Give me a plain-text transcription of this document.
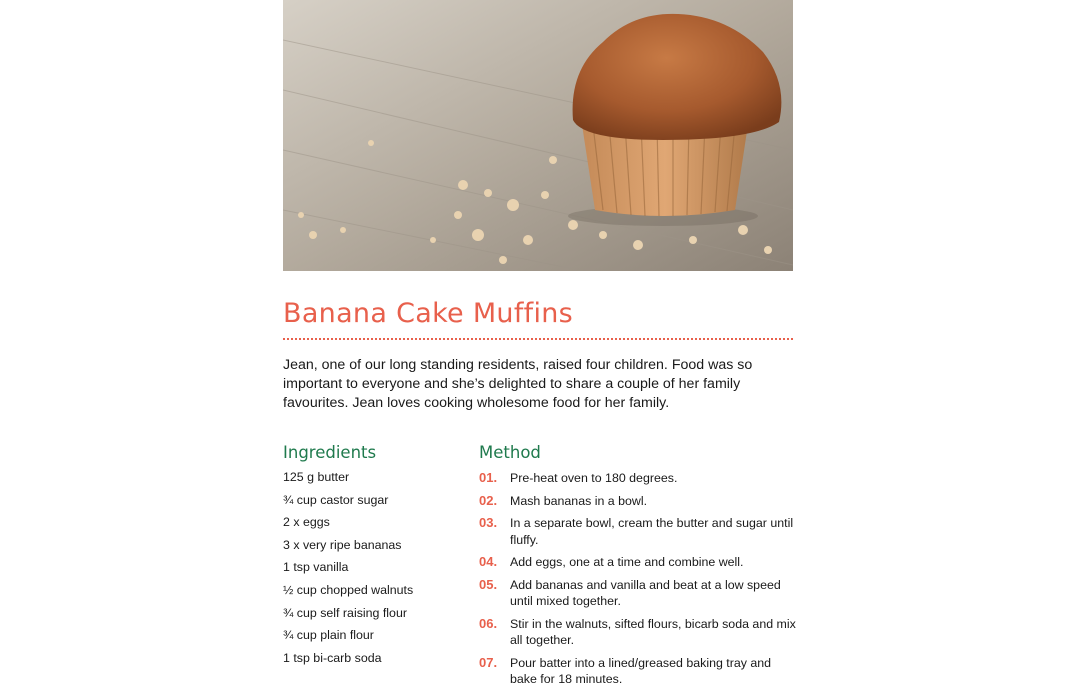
Banana Cake Muffins
Jean, one of our long standing residents, raised four children. Food was so important to everyone and she’s delighted to share a couple of her family favourites. Jean loves cooking wholesome food for her family.
Ingredients
125 g butter
¾ cup castor sugar
2 x eggs
3 x very ripe bananas
1 tsp vanilla
½ cup chopped walnuts
¾ cup self raising flour
¾ cup plain flour
1 tsp bi-carb soda
Method
01.	Pre-heat oven to 180 degrees.
02.	Mash bananas in a bowl.
03.	In a separate bowl, cream the butter and sugar until fluffy.
04.	Add eggs, one at a time and combine well.
05.	Add bananas and vanilla and beat at a low speed until mixed together.
06.	Stir in the walnuts, sifted flours, bicarb soda and mix all together.
07.	Pour batter into a lined/greased baking tray and bake for 18 minutes.
